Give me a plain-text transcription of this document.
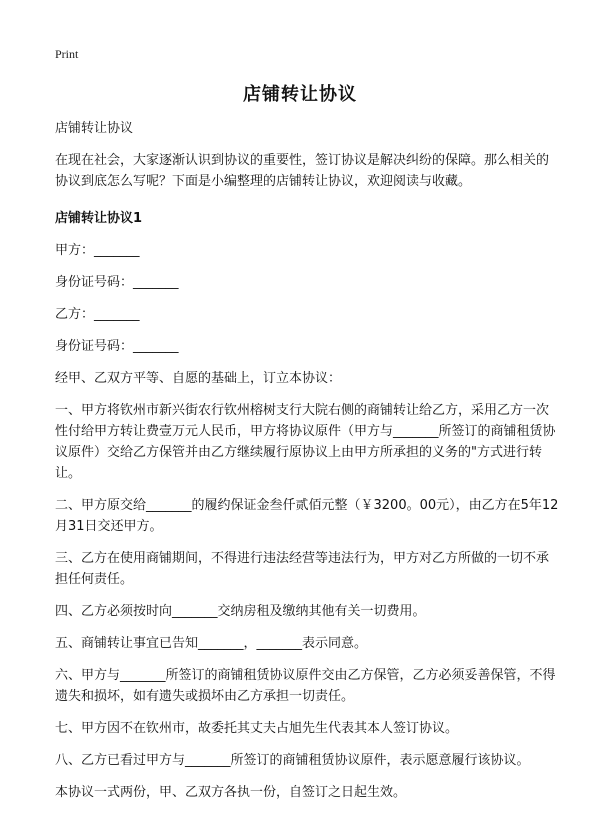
Print
店铺转让协议

店铺转让协议

在现在社会，大家逐渐认识到协议的重要性，签订协议是解决纠纷的保障。那么相关的协议到底怎么写呢？下面是小编整理的店铺转让协议，欢迎阅读与收藏。

店铺转让协议1

甲方：_______

身份证号码：_______

乙方：_______

身份证号码：_______

经甲、乙双方平等、自愿的基础上，订立本协议：

一、甲方将钦州市新兴街农行钦州榕树支行大院右侧的商铺转让给乙方，采用乙方一次性付给甲方转让费壹万元人民币，甲方将协议原件（甲方与_______所签订的商铺租赁协议原件）交给乙方保管并由乙方继续履行原协议上由甲方所承担的义务的"方式进行转让。

二、甲方原交给_______的履约保证金叁仟贰佰元整（￥3200。00元），由乙方在5年12月31日交还甲方。

三、乙方在使用商铺期间，不得进行违法经营等违法行为，甲方对乙方所做的一切不承担任何责任。

四、乙方必须按时向_______交纳房租及缴纳其他有关一切费用。

五、商铺转让事宜已告知_______，_______表示同意。

六、甲方与_______所签订的商铺租赁协议原件交由乙方保管，乙方必须妥善保管，不得遗失和损坏，如有遗失或损坏由乙方承担一切责任。

七、甲方因不在钦州市，故委托其丈夫占旭先生代表其本人签订协议。

八、乙方已看过甲方与_______所签订的商铺租赁协议原件，表示愿意履行该协议。

本协议一式两份，甲、乙双方各执一份，自签订之日起生效。
